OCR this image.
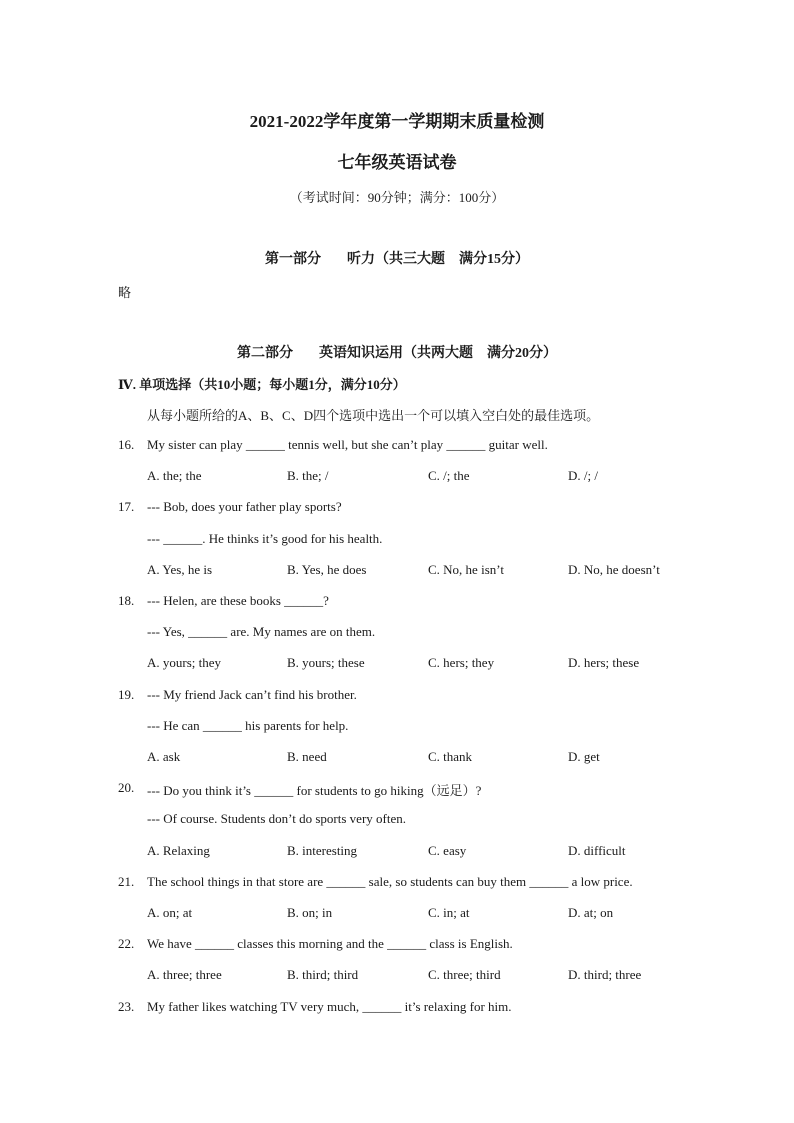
2021-2022学年度第一学期期末质量检测
七年级英语试卷
（考试时间：90分钟；满分：100分）
第一部分 听力（共三大题　满分15分）
略
第二部分 英语知识运用（共两大题　满分20分）
Ⅳ. 单项选择（共10小题；每小题1分，满分10分）
从每小题所给的A、B、C、D四个选项中选出一个可以填入空白处的最佳选项。
16. My sister can play ______ tennis well, but she can’t play ______ guitar well.
A. the; the	B. the; /	C. /; the	D. /; /
17. --- Bob, does your father play sports?
--- ______. He thinks it’s good for his health.
A. Yes, he is	B. Yes, he does	C. No, he isn’t	D. No, he doesn’t
18. --- Helen, are these books ______?
--- Yes, ______ are. My names are on them.
A. yours; they	B. yours; these	C. hers; they	D. hers; these
19. --- My friend Jack can’t find his brother.
--- He can ______ his parents for help.
A. ask	B. need	C. thank	D. get
20. --- Do you think it’s ______ for students to go hiking（远足）?
--- Of course. Students don’t do sports very often.
A. Relaxing	B. interesting	C. easy	D. difficult
21. The school things in that store are ______ sale, so students can buy them ______ a low price.
A. on; at	B. on; in	C. in; at	D. at; on
22. We have ______ classes this morning and the ______ class is English.
A. three; three	B. third; third	C. three; third	D. third; three
23. My father likes watching TV very much, ______ it’s relaxing for him.
